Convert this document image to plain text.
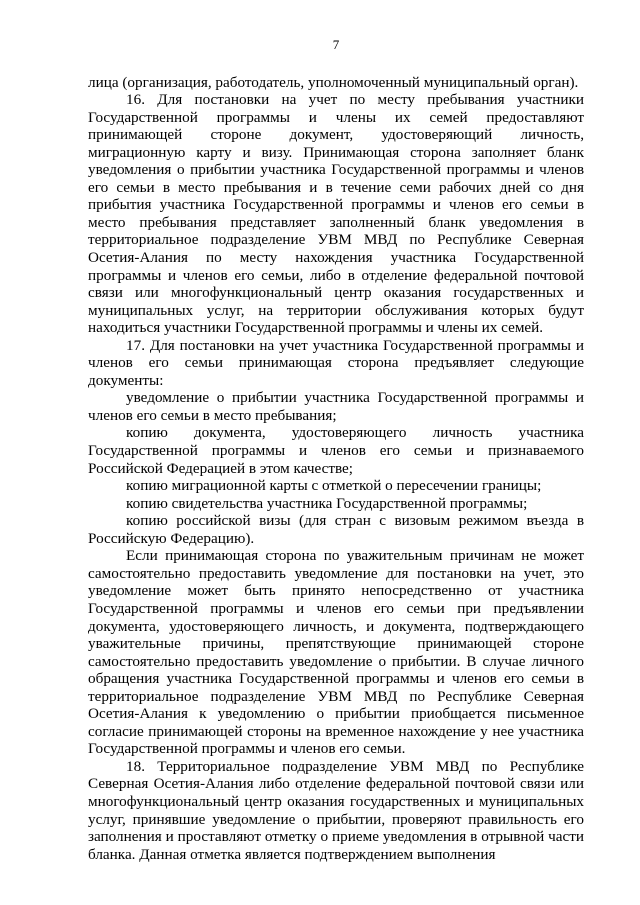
7

лица (организация, работодатель, уполномоченный муниципальный орган).

16. Для постановки на учет по месту пребывания участники Государственной программы и члены их семей предоставляют принимающей стороне документ, удостоверяющий личность, миграционную карту и визу. Принимающая сторона заполняет бланк уведомления о прибытии участника Государственной программы и членов его семьи в место пребывания и в течение семи рабочих дней со дня прибытия участника Государственной программы и членов его семьи в место пребывания представляет заполненный бланк уведомления в территориальное подразделение УВМ МВД по Республике Северная Осетия-Алания по месту нахождения участника Государственной программы и членов его семьи, либо в отделение федеральной почтовой связи или многофункциональный центр оказания государственных и муниципальных услуг, на территории обслуживания которых будут находиться участники Государственной программы и члены их семей.

17. Для постановки на учет участника Государственной программы и членов его семьи принимающая сторона предъявляет следующие документы:

уведомление о прибытии участника Государственной программы и членов его семьи в место пребывания;

копию документа, удостоверяющего личность участника Государственной программы и членов его семьи и признаваемого Российской Федерацией в этом качестве;

копию миграционной карты с отметкой о пересечении границы;

копию свидетельства участника Государственной программы;

копию российской визы (для стран с визовым режимом въезда в Российскую Федерацию).

Если принимающая сторона по уважительным причинам не может самостоятельно предоставить уведомление для постановки на учет, это уведомление может быть принято непосредственно от участника Государственной программы и членов его семьи при предъявлении документа, удостоверяющего личность, и документа, подтверждающего уважительные причины, препятствующие принимающей стороне самостоятельно предоставить уведомление о прибытии. В случае личного обращения участника Государственной программы и членов его семьи в территориальное подразделение УВМ МВД по Республике Северная Осетия-Алания к уведомлению о прибытии приобщается письменное согласие принимающей стороны на временное нахождение у нее участника Государственной программы и членов его семьи.

18. Территориальное подразделение УВМ МВД по Республике Северная Осетия-Алания либо отделение федеральной почтовой связи или многофункциональный центр оказания государственных и муниципальных услуг, принявшие уведомление о прибытии, проверяют правильность его заполнения и проставляют отметку о приеме уведомления в отрывной части бланка. Данная отметка является подтверждением выполнения
